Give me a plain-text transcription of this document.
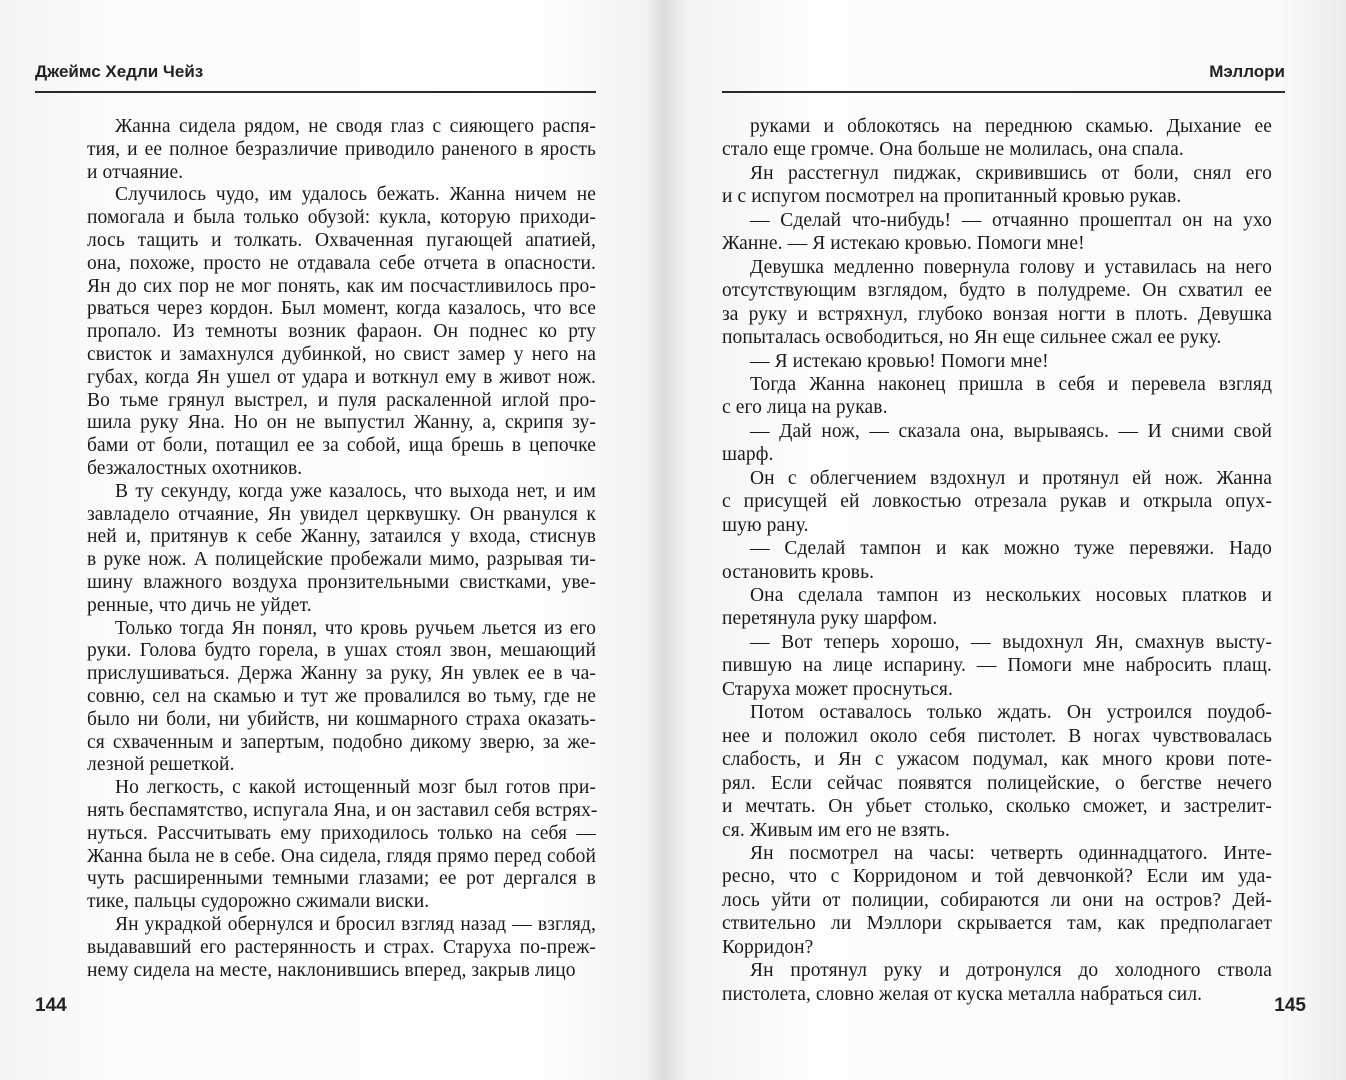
Джеймс Хедли Чейз
144
Жанна сидела рядом, не сводя глаз с сияющего распя-
тия, и ее полное безразличие приводило раненого в ярость
и отчаяние.
Случилось чудо, им удалось бежать. Жанна ничем не
помогала и была только обузой: кукла, которую приходи-
лось тащить и толкать. Охваченная пугающей апатией,
она, похоже, просто не отдавала себе отчета в опасности.
Ян до сих пор не мог понять, как им посчастливилось про-
рваться через кордон. Был момент, когда казалось, что все
пропало. Из темноты возник фараон. Он поднес ко рту
свисток и замахнулся дубинкой, но свист замер у него на
губах, когда Ян ушел от удара и воткнул ему в живот нож.
Во тьме грянул выстрел, и пуля раскаленной иглой про-
шила руку Яна. Но он не выпустил Жанну, а, скрипя зу-
бами от боли, потащил ее за собой, ища брешь в цепочке
безжалостных охотников.
В ту секунду, когда уже казалось, что выхода нет, и им
завладело отчаяние, Ян увидел церквушку. Он рванулся к
ней и, притянув к себе Жанну, затаился у входа, стиснув
в руке нож. А полицейские пробежали мимо, разрывая ти-
шину влажного воздуха пронзительными свистками, уве-
ренные, что дичь не уйдет.
Только тогда Ян понял, что кровь ручьем льется из его
руки. Голова будто горела, в ушах стоял звон, мешающий
прислушиваться. Держа Жанну за руку, Ян увлек ее в ча-
совню, сел на скамью и тут же провалился во тьму, где не
было ни боли, ни убийств, ни кошмарного страха оказать-
ся схваченным и запертым, подобно дикому зверю, за же-
лезной решеткой.
Но легкость, с какой истощенный мозг был готов при-
нять беспамятство, испугала Яна, и он заставил себя встрях-
нуться. Рассчитывать ему приходилось только на себя —
Жанна была не в себе. Она сидела, глядя прямо перед собой
чуть расширенными темными глазами; ее рот дергался в
тике, пальцы судорожно сжимали виски.
Ян украдкой обернулся и бросил взгляд назад — взгляд,
выдававший его растерянность и страх. Старуха по-преж-
нему сидела на месте, наклонившись вперед, закрыв лицо
Мэллори
145
руками и облокотясь на переднюю скамью. Дыхание ее
стало еще громче. Она больше не молилась, она спала.
Ян расстегнул пиджак, скривившись от боли, снял его
и с испугом посмотрел на пропитанный кровью рукав.
— Сделай что-нибудь! — отчаянно прошептал он на ухо
Жанне. — Я истекаю кровью. Помоги мне!
Девушка медленно повернула голову и уставилась на него
отсутствующим взглядом, будто в полудреме. Он схватил ее
за руку и встряхнул, глубоко вонзая ногти в плоть. Девушка
попыталась освободиться, но Ян еще сильнее сжал ее руку.
— Я истекаю кровью! Помоги мне!
Тогда Жанна наконец пришла в себя и перевела взгляд
с его лица на рукав.
— Дай нож, — сказала она, вырываясь. — И сними свой
шарф.
Он с облегчением вздохнул и протянул ей нож. Жанна
с присущей ей ловкостью отрезала рукав и открыла опух-
шую рану.
— Сделай тампон и как можно туже перевяжи. Надо
остановить кровь.
Она сделала тампон из нескольких носовых платков и
перетянула руку шарфом.
— Вот теперь хорошо, — выдохнул Ян, смахнув высту-
пившую на лице испарину. — Помоги мне набросить плащ.
Старуха может проснуться.
Потом оставалось только ждать. Он устроился поудоб-
нее и положил около себя пистолет. В ногах чувствовалась
слабость, и Ян с ужасом подумал, как много крови поте-
рял. Если сейчас появятся полицейские, о бегстве нечего
и мечтать. Он убьет столько, сколько сможет, и застрелит-
ся. Живым им его не взять.
Ян посмотрел на часы: четверть одиннадцатого. Инте-
ресно, что с Корридоном и той девчонкой? Если им уда-
лось уйти от полиции, собираются ли они на остров? Дей-
ствительно ли Мэллори скрывается там, как предполагает
Корридон?
Ян протянул руку и дотронулся до холодного ствола
пистолета, словно желая от куска металла набраться сил.
